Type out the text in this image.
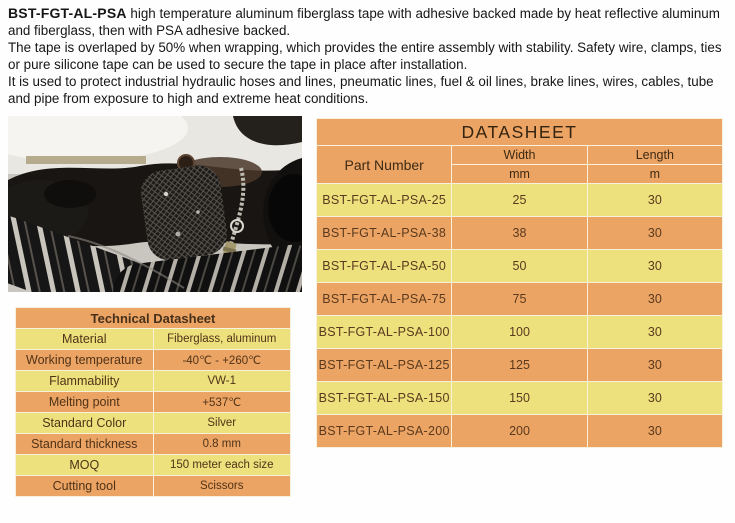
BST-FGT-AL-PSA high temperature aluminum fiberglass tape with adhesive backed made by heat reflective aluminum and fiberglass, then with PSA adhesive backed.

The tape is overlaped by 50% when wrapping, which provides the entire assembly with stability. Safety wire, clamps, ties or pure silicone tape can be used to secure the tape in place after installation.

It is used to protect industrial hydraulic hoses and lines, pneumatic lines, fuel & oil lines, brake lines, wires, cables, tube and pipe from exposure to high and extreme heat conditions.

Technical Datasheet	
Material	Fiberglass, aluminum
Working temperature	-40℃ - +260℃
Flammability	VW-1
Melting point	+537℃
Standard Color	Silver
Standard thickness	0.8 mm
MOQ	150 meter each size
Cutting tool	Scissors
DATASHEET		
Part Number	Width	Length
	mm	m
BST-FGT-AL-PSA-25	25	30
BST-FGT-AL-PSA-38	38	30
BST-FGT-AL-PSA-50	50	30
BST-FGT-AL-PSA-75	75	30
BST-FGT-AL-PSA-100	100	30
BST-FGT-AL-PSA-125	125	30
BST-FGT-AL-PSA-150	150	30
BST-FGT-AL-PSA-200	200	30
